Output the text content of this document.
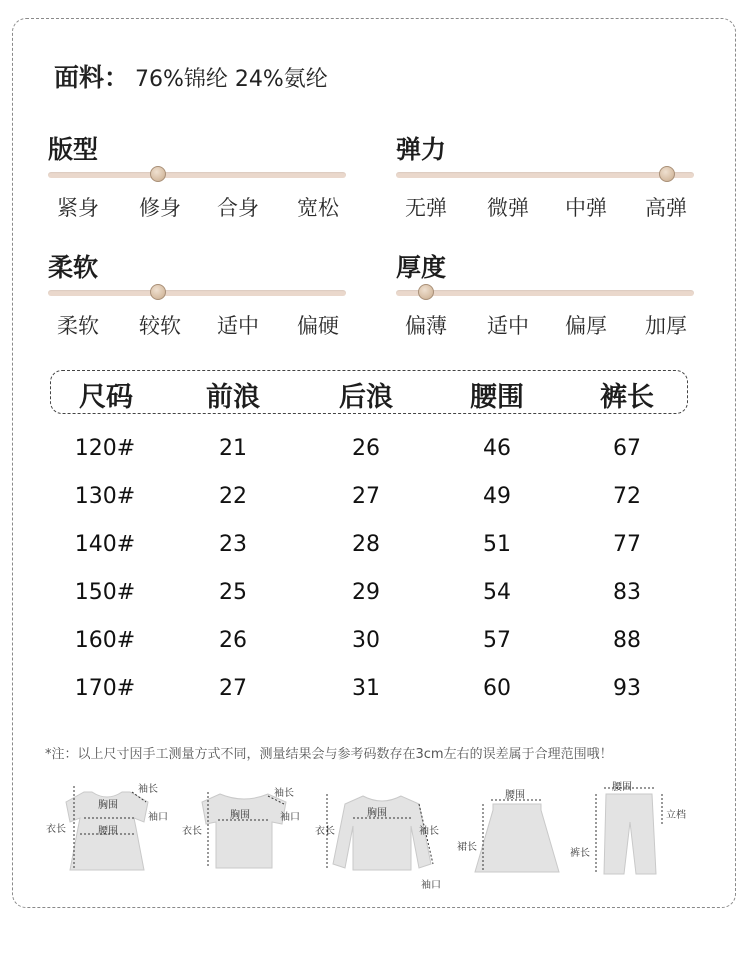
面料： 76%锦纶 24%氨纶
版型
紧身 修身 合身 宽松
弹力
无弹 微弹 中弹 高弹
柔软
柔软 较软 适中 偏硬
厚度
偏薄 适中 偏厚 加厚
尺码	前浪	后浪	腰围	裤长
120#	21	26	46	67
130#	22	27	49	72
140#	23	28	51	77
150#	25	29	54	83
160#	26	30	57	88
170#	27	31	60	93
*注：以上尺寸因手工测量方式不同，测量结果会与参考码数存在3cm左右的误差属于合理范围哦！
衣长
胸围
腰围
袖长
袖口
衣长
胸围
袖长
袖口
衣长
胸围
袖长
袖口
腰围
裙长
腰围
裤长
立档
